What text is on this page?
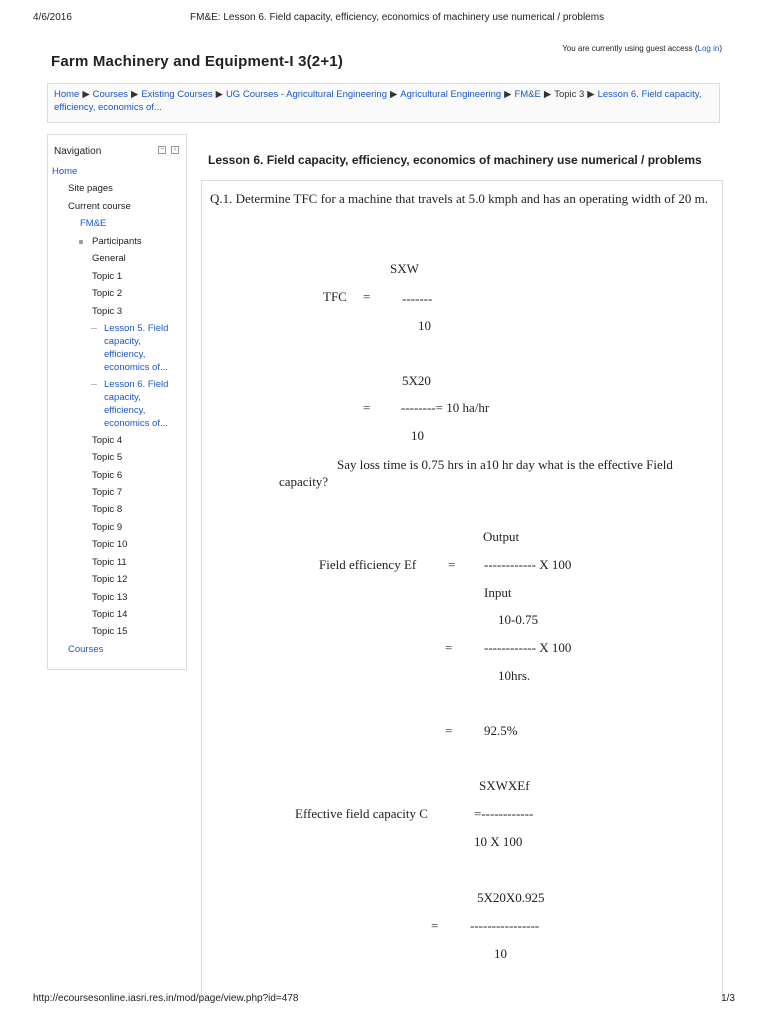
4/6/2016	FM&E: Lesson 6. Field capacity, efficiency, economics of machinery use numerical / problems
Farm Machinery and Equipment-I 3(2+1)
You are currently using guest access (Log in)
Home ▶ Courses ▶ Existing Courses ▶ UG Courses - Agricultural Engineering ▶ Agricultural Engineering ▶ FM&E ▶ Topic 3 ▶ Lesson 6. Field capacity, efficiency, economics of...
Navigation	−	‹
Home
Site pages
Current course
FM&E
Participants
General
Topic 1
Topic 2
Topic 3
Lesson 5. Field capacity, efficiency, economics of...
Lesson 6. Field capacity, efficiency, economics of...
Topic 4
Topic 5
Topic 6
Topic 7
Topic 8
Topic 9
Topic 10
Topic 11
Topic 12
Topic 13
Topic 14
Topic 15
Courses
Lesson 6. Field capacity, efficiency, economics of machinery use numerical / problems
Q.1. Determine TFC for a machine that travels at 5.0 kmph and has an operating width of 20 m.
SXW
TFC = -------
10
5X20
= --------= 10 ha/hr
10
Say loss time is 0.75 hrs in a10 hr day what is the effective Field capacity?
Output
Field efficiency Ef = ------------ X 100
Input
10-0.75
= ------------ X 100
10hrs.
= 92.5%
SXWXEf
Effective field capacity C	=------------
10 X 100
5X20X0.925
= ----------------
10
http://ecoursesonline.iasri.res.in/mod/page/view.php?id=478	1/3
